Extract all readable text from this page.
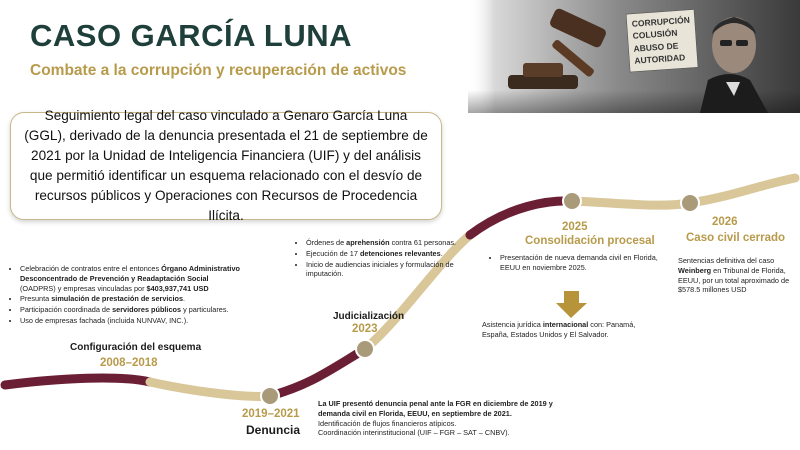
CASO GARCÍA LUNA
Combate a la corrupción y recuperación de activos
CORRUPCIÓN
COLUSIÓN
ABUSO DE
AUTORIDAD
Seguimiento legal del caso vinculado a Genaro García Luna (GGL), derivado de la denuncia presentada el 21 de septiembre de 2021 por la Unidad de Inteligencia Financiera (UIF) y del análisis que permitió identificar un esquema relacionado con el desvío de recursos públicos y Operaciones con Recursos de Procedencia Ilícita.
• Celebración de contratos entre el entonces Órgano Administrativo Desconcentrado de Prevención y Readaptación Social (OADPRS) y empresas vinculadas por $403,937,741 USD
• Presunta simulación de prestación de servicios.
• Participación coordinada de servidores públicos y particulares.
• Uso de empresas fachada (incluida NUNVAV, INC.).
Configuración del esquema
2008–2018
2019–2021
Denuncia
La UIF presentó denuncia penal ante la FGR en diciembre de 2019 y demanda civil en Florida, EEUU, en septiembre de 2021.
Identificación de flujos financieros atípicos.
Coordinación interinstitucional (UIF – FGR – SAT – CNBV).
• Órdenes de aprehensión contra 61 personas.
• Ejecución de 17 detenciones relevantes.
• Inicio de audiencias iniciales y formulación de imputación.
Judicialización
2023
2025
Consolidación procesal
• Presentación de nueva demanda civil en Florida, EEUU en noviembre 2025.
Asistencia jurídica internacional con: Panamá, España, Estados Unidos y El Salvador.
2026
Caso civil cerrado
Sentencias definitiva del caso Weinberg en Tribunal de Florida, EEUU, por un total aproximado de $578.5 millones USD
